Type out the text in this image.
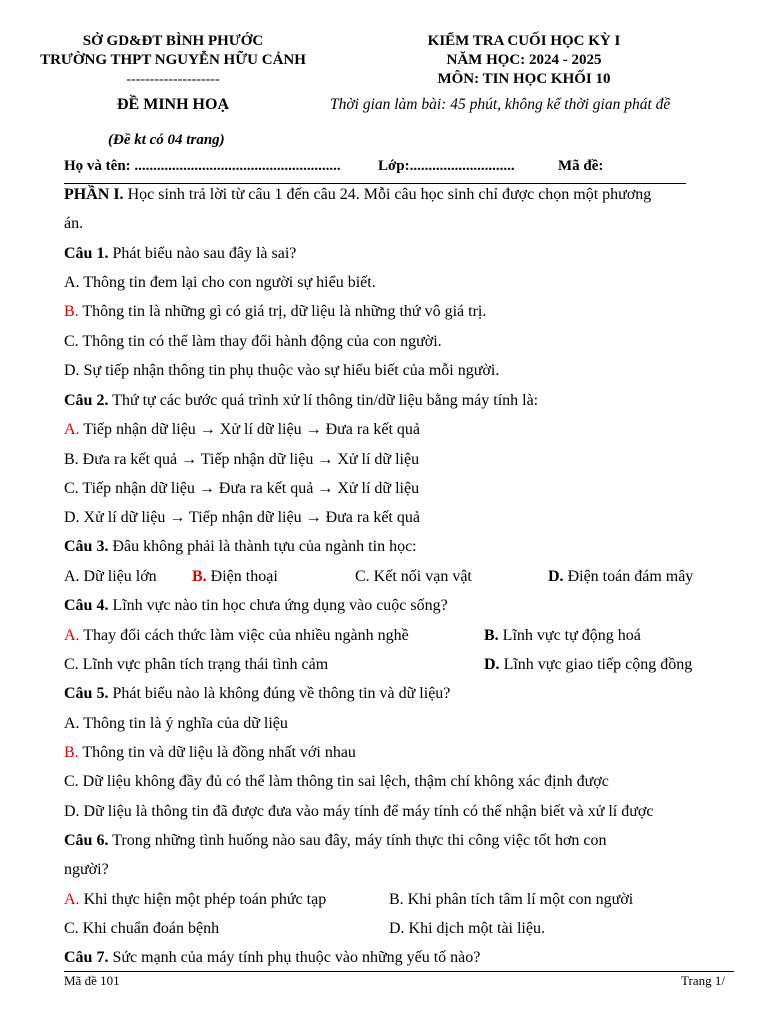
SỞ GD&ĐT BÌNH PHƯỚC
TRƯỜNG THPT NGUYỄN HỮU CẢNH
--------------------
ĐỀ MINH HOẠ
(Đề kt có 04 trang)
KIỂM TRA CUỐI HỌC KỲ I
NĂM HỌC: 2024 - 2025
MÔN: TIN HỌC KHỐI 10
Thời gian làm bài: 45 phút, không kể thời gian phát đề
Họ và tên: ....................................................... Lớp:............................	Mã đề:
PHẦN I. Học sinh trả lời từ câu 1 đến câu 24. Mỗi câu học sinh chỉ được chọn một phương
án.
Câu 1. Phát biểu nào sau đây là sai?
A. Thông tin đem lại cho con người sự hiểu biết.
B. Thông tin là những gì có giá trị, dữ liệu là những thứ vô giá trị.
C. Thông tin có thể làm thay đổi hành động của con người.
D. Sự tiếp nhận thông tin phụ thuộc vào sự hiểu biết của mỗi người.
Câu 2. Thứ tự các bước quá trình xử lí thông tin/dữ liệu bằng máy tính là:
A. Tiếp nhận dữ liệu → Xử lí dữ liệu → Đưa ra kết quả
B. Đưa ra kết quả → Tiếp nhận dữ liệu → Xử lí dữ liệu
C. Tiếp nhận dữ liệu → Đưa ra kết quả → Xử lí dữ liệu
D. Xử lí dữ liệu → Tiếp nhận dữ liệu → Đưa ra kết quả
Câu 3. Đâu không phải là thành tựu của ngành tin học:
A. Dữ liệu lớn B. Điện thoại	C. Kết nối vạn vật	D. Điện toán đám mây
Câu 4. Lĩnh vực nào tin học chưa ứng dụng vào cuộc sống?
A. Thay đổi cách thức làm việc của nhiều ngành nghề	B. Lĩnh vực tự động hoá
C. Lĩnh vực phân tích trạng thái tình cảm	D. Lĩnh vực giao tiếp cộng đồng
Câu 5. Phát biểu nào là không đúng về thông tin và dữ liệu?
A. Thông tin là ý nghĩa của dữ liệu
B. Thông tin và dữ liệu là đồng nhất với nhau
C. Dữ liệu không đầy đủ có thể làm thông tin sai lệch, thậm chí không xác định được
D. Dữ liệu là thông tin đã được đưa vào máy tính để máy tính có thể nhận biết và xử lí được
Câu 6. Trong những tình huống nào sau đây, máy tính thực thi công việc tốt hơn con
người?
A. Khi thực hiện một phép toán phức tạp	B. Khi phân tích tâm lí một con người
C. Khi chuẩn đoán bệnh	D. Khi dịch một tài liệu.
Câu 7. Sức mạnh của máy tính phụ thuộc vào những yếu tố nào?
Mã đề 101	Trang 1/
